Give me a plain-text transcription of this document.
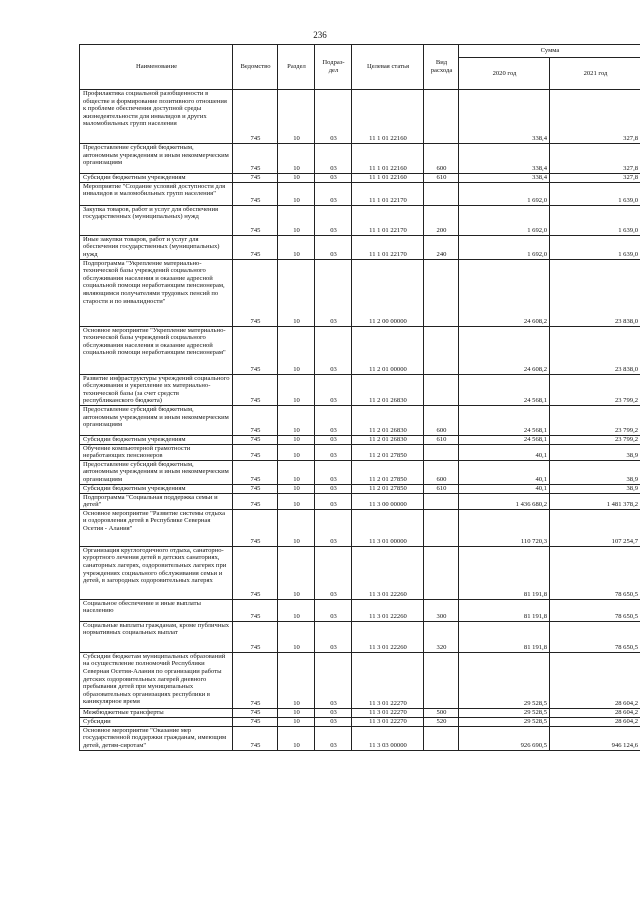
236
Наименование	Ведомство	Раздел	Подраз-
дел	Целевая статья	Вид расхода	Сумма	
						2020 год	2021 год
Профилактика социальной разобщенности в обществе и формирование позитивного отношения к проблеме обеспечения доступной среды жизнедеятельности для инвалидов и других маломобильных групп населения	745	10	03	11 1 01 22160		338,4	327,8
Предоставление субсидий бюджетным, автономным учреждениям и иным некоммерческим организациям	745	10	03	11 1 01 22160	600	338,4	327,8
Субсидии бюджетным учреждениям	745	10	03	11 1 01 22160	610	338,4	327,8
Мероприятие "Создание условий доступности для инвалидов и маломобильных групп населения"	745	10	03	11 1 01 22170		1 692,0	1 639,0
Закупка товаров, работ и услуг для обеспечения государственных (муниципальных) нужд	745	10	03	11 1 01 22170	200	1 692,0	1 639,0
Иные закупки товаров, работ и услуг для обеспечения государственных (муниципальных) нужд	745	10	03	11 1 01 22170	240	1 692,0	1 639,0
Подпрограмма "Укрепление материально-технической базы учреждений социального обслуживания населения и оказание адресной социальной помощи неработающим пенсионерам, являющимся получателями трудовых пенсий по старости и по инвалидности"	745	10	03	11 2 00 00000		24 608,2	23 838,0
Основное мероприятие "Укрепление материально-технической базы учреждений социального обслуживания населения и оказание адресной социальной помощи неработающим пенсионерам"	745	10	03	11 2 01 00000		24 608,2	23 838,0
Развитие инфраструктуры учреждений социального обслуживания и укрепление их материально-технической базы (за счет средств республиканского бюджета)	745	10	03	11 2 01 26830		24 568,1	23 799,2
Предоставление субсидий бюджетным, автономным учреждениям и иным некоммерческим организациям	745	10	03	11 2 01 26830	600	24 568,1	23 799,2
Субсидии бюджетным учреждениям	745	10	03	11 2 01 26830	610	24 568,1	23 799,2
Обучение компьютерной грамотности неработающих пенсионеров	745	10	03	11 2 01 27850		40,1	38,9
Предоставление субсидий бюджетным, автономным учреждениям и иным некоммерческим организациям	745	10	03	11 2 01 27850	600	40,1	38,9
Субсидии бюджетным учреждениям	745	10	03	11 2 01 27850	610	40,1	38,9
Подпрограмма "Социальная поддержка семьи и детей"	745	10	03	11 3 00 00000		1 436 680,2	1 481 378,2
Основное мероприятие "Развитие системы отдыха и оздоровления детей в Республике Северная Осетия - Алания"	745	10	03	11 3 01 00000		110 720,3	107 254,7
Организация круглогодичного отдыха, санаторно-курортного лечения детей в детских санаториях, санаторных лагерях, оздоровительных лагерях при учреждениях социального обслуживания семьи и детей, в загородных оздоровительных лагерях	745	10	03	11 3 01 22260		81 191,8	78 650,5
Социальное обеспечение и иные выплаты населению	745	10	03	11 3 01 22260	300	81 191,8	78 650,5
Социальные выплаты гражданам, кроме публичных нормативных социальных выплат	745	10	03	11 3 01 22260	320	81 191,8	78 650,5
Субсидии бюджетам муниципальных образований на осуществление полномочий Республики Северная Осетия-Алания по организации работы детских оздоровительных лагерей дневного пребывания детей при муниципальных образовательных организациях республики в каникулярное время	745	10	03	11 3 01 22270		29 528,5	28 604,2
Межбюджетные трансферты	745	10	03	11 3 01 22270	500	29 528,5	28 604,2
Субсидии	745	10	03	11 3 01 22270	520	29 528,5	28 604,2
Основное мероприятие "Оказание мер государственной поддержки гражданам, имеющим детей, детям-сиротам"	745	10	03	11 3 03 00000		926 690,5	946 124,6
